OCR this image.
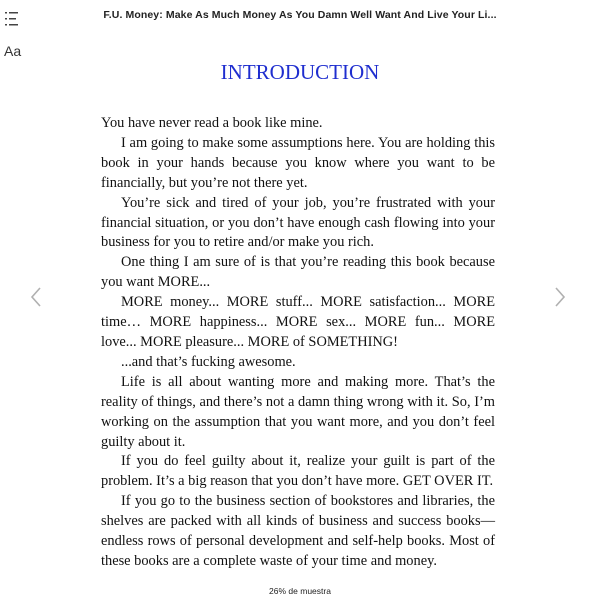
Aa
F.U. Money: Make As Much Money As You Damn Well Want And Live Your Li...
INTRODUCTION

You have never read a book like mine.

I am going to make some assumptions here. You are holding this book in your hands because you know where you want to be financially, but you’re not there yet.

You’re sick and tired of your job, you’re frustrated with your financial situation, or you don’t have enough cash flowing into your business for you to retire and/or make you rich.

One thing I am sure of is that you’re reading this book because you want MORE...

MORE money... MORE stuff... MORE satisfaction... MORE time… MORE happiness... MORE sex... MORE fun... MORE love... MORE pleasure... MORE of SOMETHING!

...and that’s fucking awesome.

Life is all about wanting more and making more. That’s the reality of things, and there’s not a damn thing wrong with it. So, I’m working on the assumption that you want more, and you don’t feel guilty about it.

If you do feel guilty about it, realize your guilt is part of the problem. It’s a big reason that you don’t have more. GET OVER IT.

If you go to the business section of bookstores and libraries, the shelves are packed with all kinds of business and success books—endless rows of personal development and self-help books. Most of these books are a complete waste of your time and money.

26% de muestra
